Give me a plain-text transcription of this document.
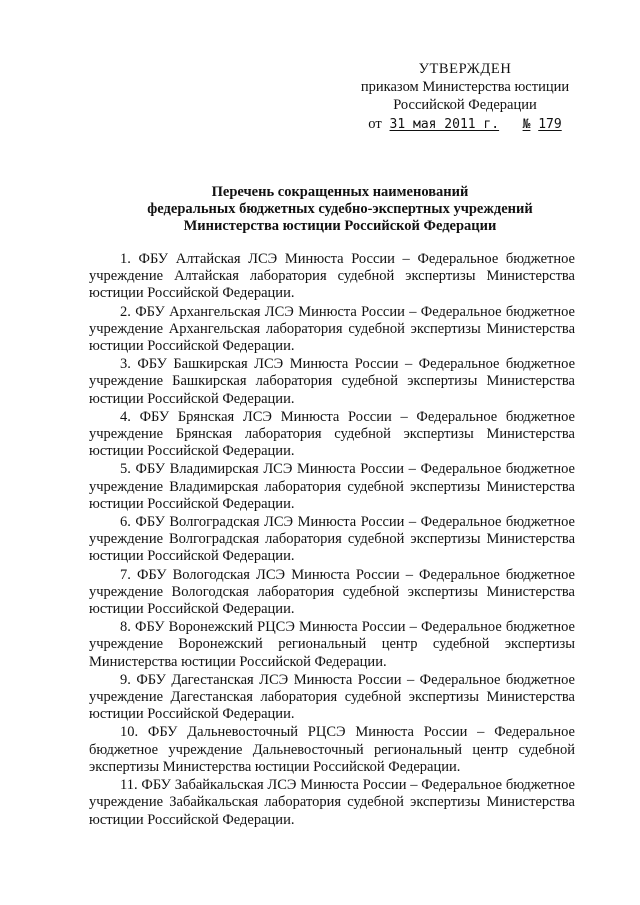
УТВЕРЖДЕН
приказом Министерства юстиции
Российской Федерации
от 31 мая 2011 г. № 179
Перечень сокращенных наименований
федеральных бюджетных судебно-экспертных учреждений
Министерства юстиции Российской Федерации

1. ФБУ Алтайская ЛСЭ Минюста России – Федеральное бюджетное учреждение Алтайская лаборатория судебной экспертизы Министерства юстиции Российской Федерации.

2. ФБУ Архангельская ЛСЭ Минюста России – Федеральное бюджетное учреждение Архангельская лаборатория судебной экспертизы Министерства юстиции Российской Федерации.

3. ФБУ Башкирская ЛСЭ Минюста России – Федеральное бюджетное учреждение Башкирская лаборатория судебной экспертизы Министерства юстиции Российской Федерации.

4. ФБУ Брянская ЛСЭ Минюста России – Федеральное бюджетное учреждение Брянская лаборатория судебной экспертизы Министерства юстиции Российской Федерации.

5. ФБУ Владимирская ЛСЭ Минюста России – Федеральное бюджетное учреждение Владимирская лаборатория судебной экспертизы Министерства юстиции Российской Федерации.

6. ФБУ Волгоградская ЛСЭ Минюста России – Федеральное бюджетное учреждение Волгоградская лаборатория судебной экспертизы Министерства юстиции Российской Федерации.

7. ФБУ Вологодская ЛСЭ Минюста России – Федеральное бюджетное учреждение Вологодская лаборатория судебной экспертизы Министерства юстиции Российской Федерации.

8. ФБУ Воронежский РЦСЭ Минюста России – Федеральное бюджетное учреждение Воронежский региональный центр судебной экспертизы Министерства юстиции Российской Федерации.

9. ФБУ Дагестанская ЛСЭ Минюста России – Федеральное бюджетное учреждение Дагестанская лаборатория судебной экспертизы Министерства юстиции Российской Федерации.

10. ФБУ Дальневосточный РЦСЭ Минюста России – Федеральное бюджетное учреждение Дальневосточный региональный центр судебной экспертизы Министерства юстиции Российской Федерации.

11. ФБУ Забайкальская ЛСЭ Минюста России – Федеральное бюджетное учреждение Забайкальская лаборатория судебной экспертизы Министерства юстиции Российской Федерации.
